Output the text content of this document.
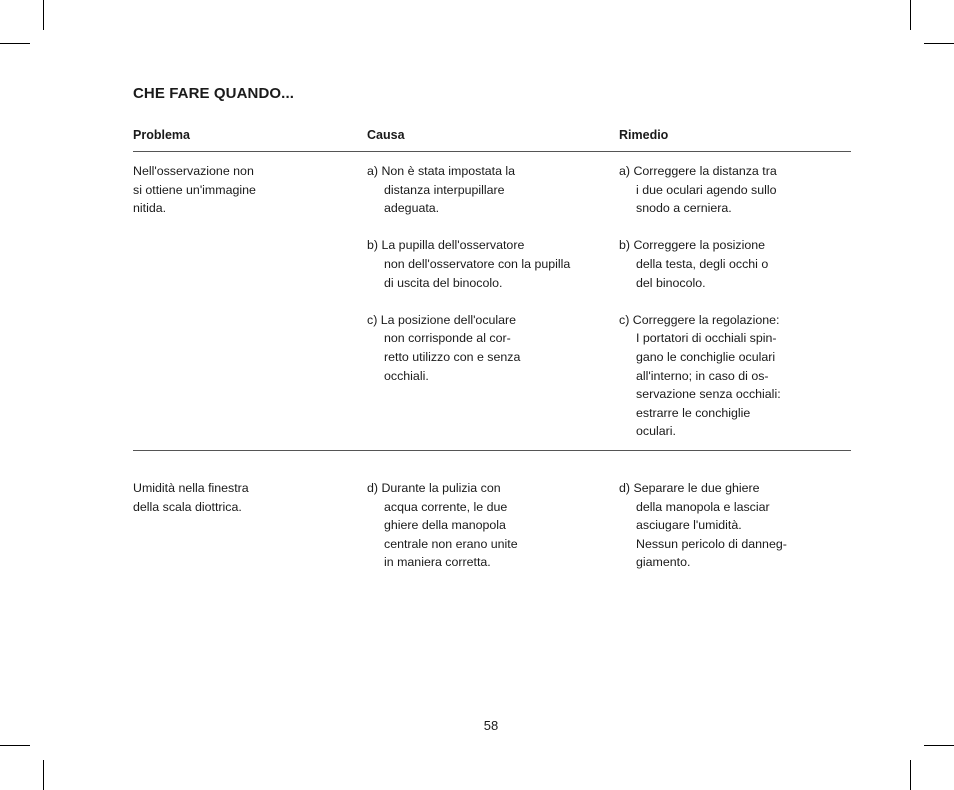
CHE FARE QUANDO...
Problema	Causa	Rimedio
Nell'osservazione non
si ottiene un'immagine
nitida.
a) Non è stata impostata la
distanza interpupillare
adeguata.
b) La pupilla dell'osservatore
non dell'osservatore con la pupilla
di uscita del binocolo.
c) La posizione dell'oculare
non corrisponde al cor-
retto utilizzo con e senza
occhiali.
a) Correggere la distanza tra
i due oculari agendo sullo
snodo a cerniera.
b) Correggere la posizione
della testa, degli occhi o
del binocolo.
c) Correggere la regolazione:
I portatori di occhiali spin-
gano le conchiglie oculari
all'interno; in caso di os-
servazione senza occhiali:
estrarre le conchiglie
oculari.
Umidità nella finestra
della scala diottrica.
d) Durante la pulizia con
acqua corrente, le due
ghiere della manopola
centrale non erano unite
in maniera corretta.
d) Separare le due ghiere
della manopola e lasciar
asciugare l'umidità.
Nessun pericolo di danneg-
giamento.
58
